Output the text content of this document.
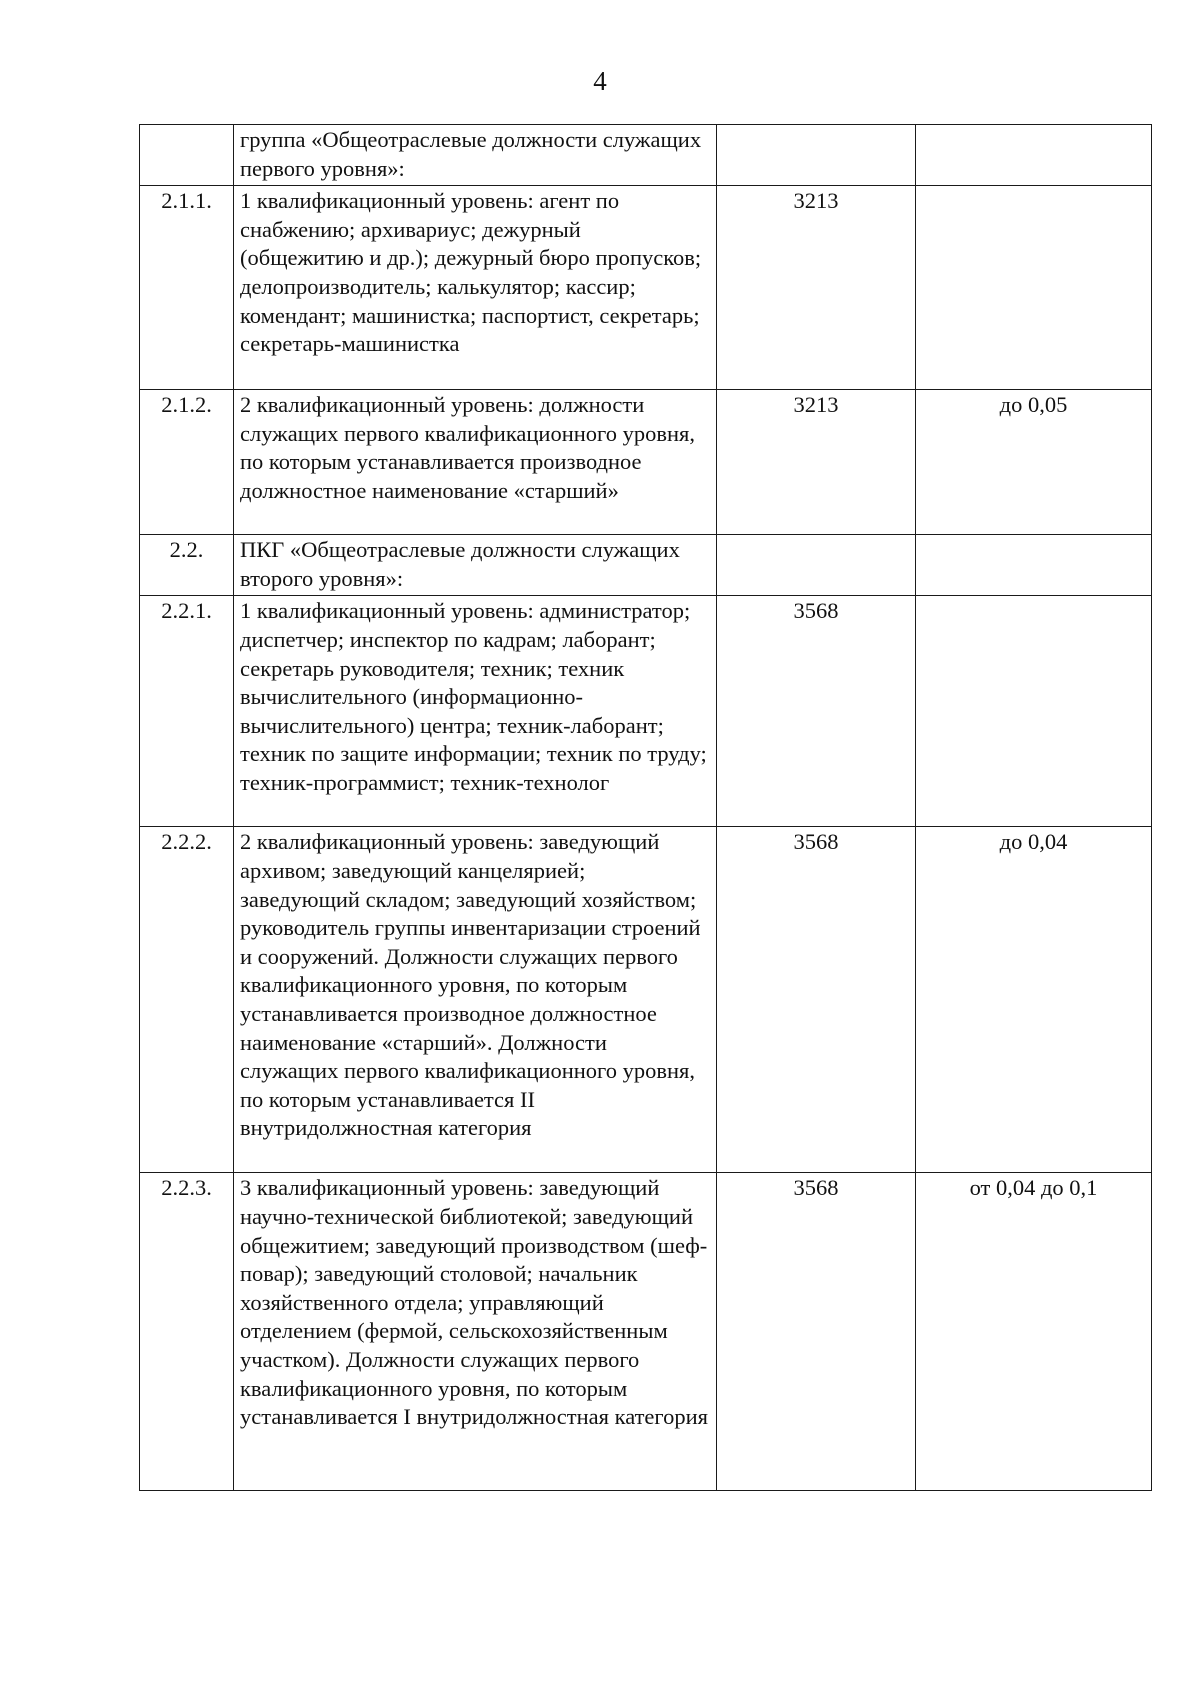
4
	группа «Общеотраслевые должности служащих первого уровня»:		
2.1.1.	1 квалификационный уровень: агент по снабжению; архивариус; дежурный (общежитию и др.); дежурный бюро пропусков; делопроизводитель; калькулятор; кассир; комендант; машинистка; паспортист, секретарь; секретарь-машинистка	3213	
2.1.2.	2 квалификационный уровень: должности служащих первого квалификационного уровня, по которым устанавливается производное должностное наименование «старший»	3213	до 0,05
2.2.	ПКГ «Общеотраслевые должности служащих второго уровня»:		
2.2.1.	1 квалификационный уровень: администратор; диспетчер; инспектор по кадрам; лаборант; секретарь руководителя; техник; техник вычислительного (информационно-вычислительного) центра; техник-лаборант; техник по защите информации; техник по труду; техник-программист; техник-технолог	3568	
2.2.2.	2 квалификационный уровень: заведующий архивом; заведующий канцелярией; заведующий складом; заведующий хозяйством; руководитель группы инвентаризации строений и сооружений. Должности служащих первого квалификационного уровня, по которым устанавливается производное должностное наименование «старший». Должности служащих первого квалификационного уровня, по которым устанавливается II внутридолжностная категория	3568	до 0,04
2.2.3.	3 квалификационный уровень: заведующий научно-технической библиотекой; заведующий общежитием; заведующий производством (шеф-повар); заведующий столовой; начальник хозяйственного отдела; управляющий отделением (фермой, сельскохозяйственным участком). Должности служащих первого квалификационного уровня, по которым устанавливается I внутридолжностная категория	3568	от 0,04 до 0,1
